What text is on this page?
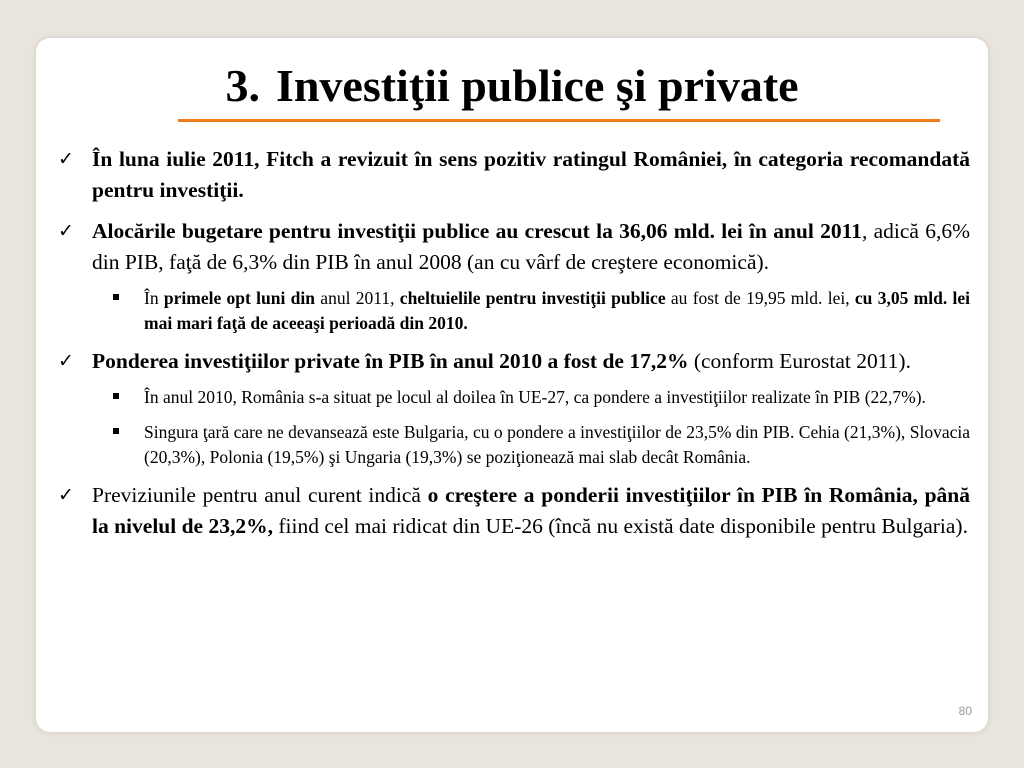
3. Investiţii publice şi private
✓ În luna iulie 2011, Fitch a revizuit în sens pozitiv ratingul României, în categoria recomandată pentru investiţii.
✓ Alocările bugetare pentru investiţii publice au crescut la 36,06 mld. lei în anul 2011, adică 6,6% din PIB, faţă de 6,3% din PIB în anul 2008 (an cu vârf de creştere economică).
În primele opt luni din anul 2011, cheltuielile pentru investiţii publice au fost de 19,95 mld. lei, cu 3,05 mld. lei mai mari faţă de aceeaşi perioadă din 2010.
✓ Ponderea investiţiilor private în PIB în anul 2010 a fost de 17,2% (conform Eurostat 2011).
În anul 2010, România s-a situat pe locul al doilea în UE-27, ca pondere a investiţiilor realizate în PIB (22,7%).
Singura ţară care ne devansează este Bulgaria, cu o pondere a investiţiilor de 23,5% din PIB. Cehia (21,3%), Slovacia (20,3%), Polonia (19,5%) şi Ungaria (19,3%) se poziţionează mai slab decât România.
✓ Previziunile pentru anul curent indică o creştere a ponderii investiţiilor în PIB în România, până la nivelul de 23,2%, fiind cel mai ridicat din UE-26 (încă nu există date disponibile pentru Bulgaria).
80
